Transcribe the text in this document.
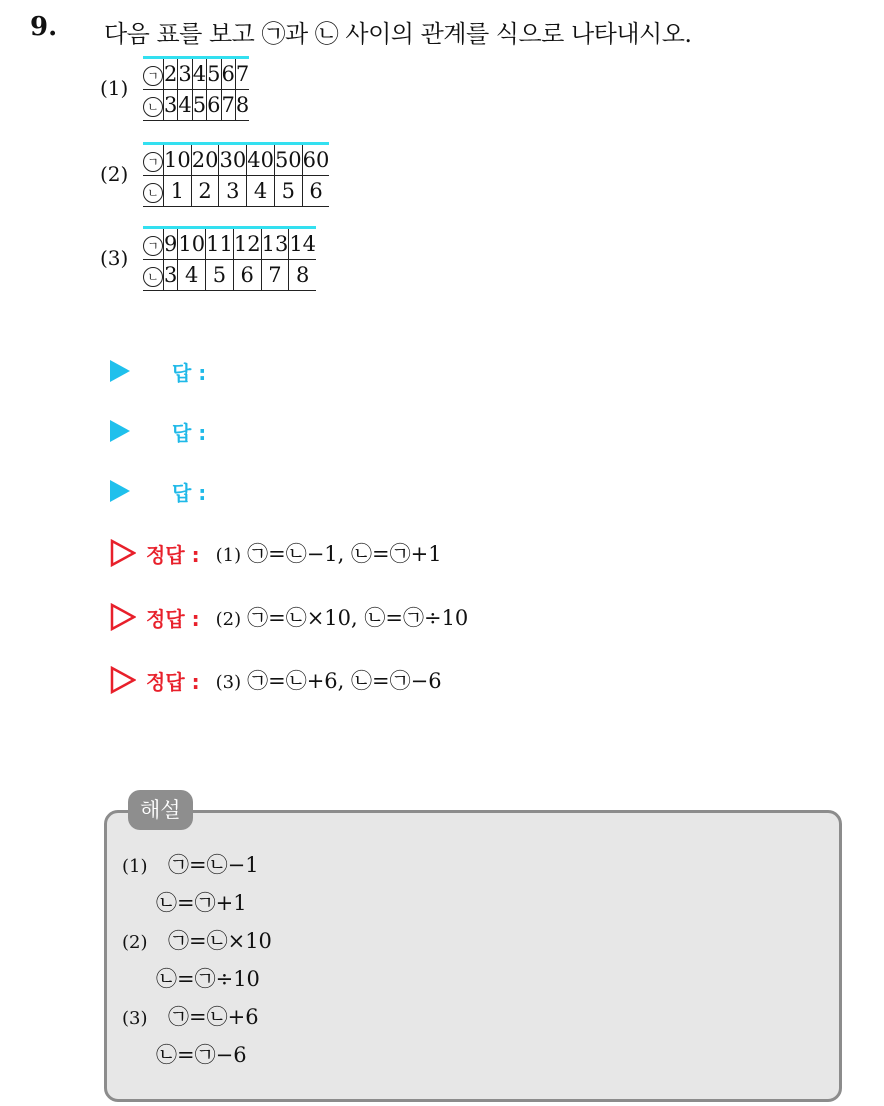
9. 다음 표를 보고 ㉠과 ㉡ 사이의 관계를 식으로 나타내시오.
(1)
ㄱ	2	3	4	5	6	7
ㄴ	3	4	5	6	7	8
(2)
ㄱ	10	20	30	40	50	60
ㄴ	1	2	3	4	5	6
(3)
ㄱ	9	10	11	12	13	14
ㄴ	3	4	5	6	7	8
답 :
답 :
답 :
정답 : (1) ㉠=㉡−1, ㉡=㉠+1
정답 : (2) ㉠=㉡×10, ㉡=㉠÷10
정답 : (3) ㉠=㉡+6, ㉡=㉠−6
해설
(1) ㉠=㉡−1
㉡=㉠+1
(2) ㉠=㉡×10
㉡=㉠÷10
(3) ㉠=㉡+6
㉡=㉠−6
